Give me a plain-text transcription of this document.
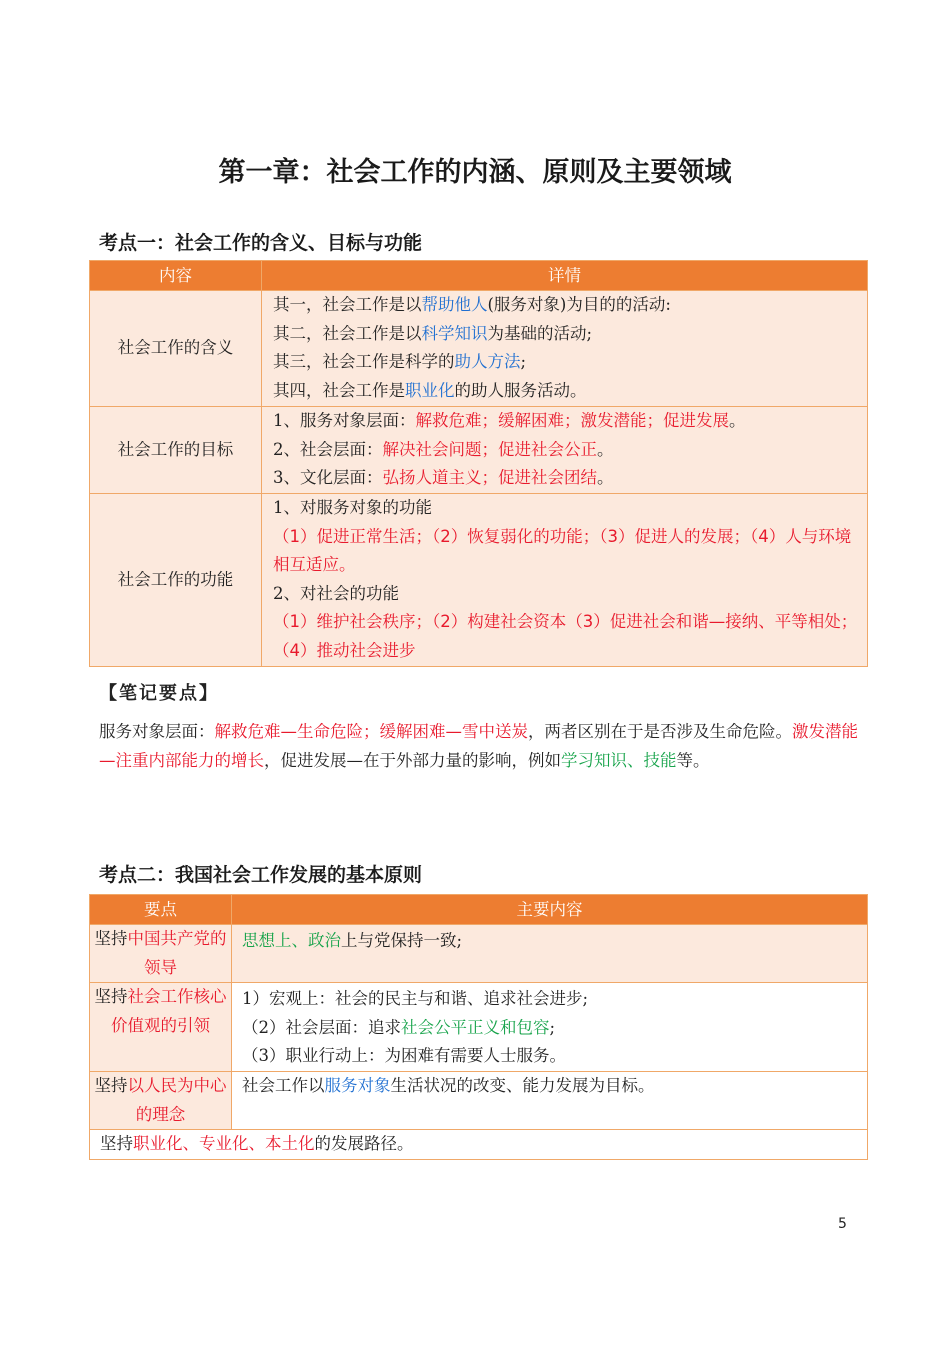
第一章：社会工作的内涵、原则及主要领域
考点一：社会工作的含义、目标与功能
内容	详情
社会工作的含义	其一，社会工作是以帮助他人(服务对象)为目的的活动:
其二，社会工作是以科学知识为基础的活动;
其三，社会工作是科学的助人方法;
其四，社会工作是职业化的助人服务活动。

社会工作的目标	1、服务对象层面：解救危难；缓解困难；激发潜能；促进发展。
2、社会层面：解决社会问题；促进社会公正。
3、文化层面：弘扬人道主义；促进社会团结。

社会工作的功能	1、对服务对象的功能
（1）促进正常生活；（2）恢复弱化的功能；（3）促进人的发展；（4）人与环境相互适应。
2、对社会的功能
（1）维护社会秩序；（2）构建社会资本（3）促进社会和谐—接纳、平等相处；（4）推动社会进步
【笔记要点】
服务对象层面：解救危难—生命危险；缓解困难—雪中送炭，两者区别在于是否涉及生命危险。激发潜能—注重内部能力的增长，促进发展—在于外部力量的影响，例如学习知识、技能等。
考点二：我国社会工作发展的基本原则
要点	主要内容
坚持中国共产党的领导	思想上、政治上与党保持一致;
坚持社会工作核心价值观的引领	1）宏观上：社会的民主与和谐、追求社会进步;
（2）社会层面：追求社会公平正义和包容;
（3）职业行动上：为困难有需要人士服务。

坚持以人民为中心的理念	社会工作以服务对象生活状况的改变、能力发展为目标。
坚持职业化、专业化、本土化的发展路径。	
5
